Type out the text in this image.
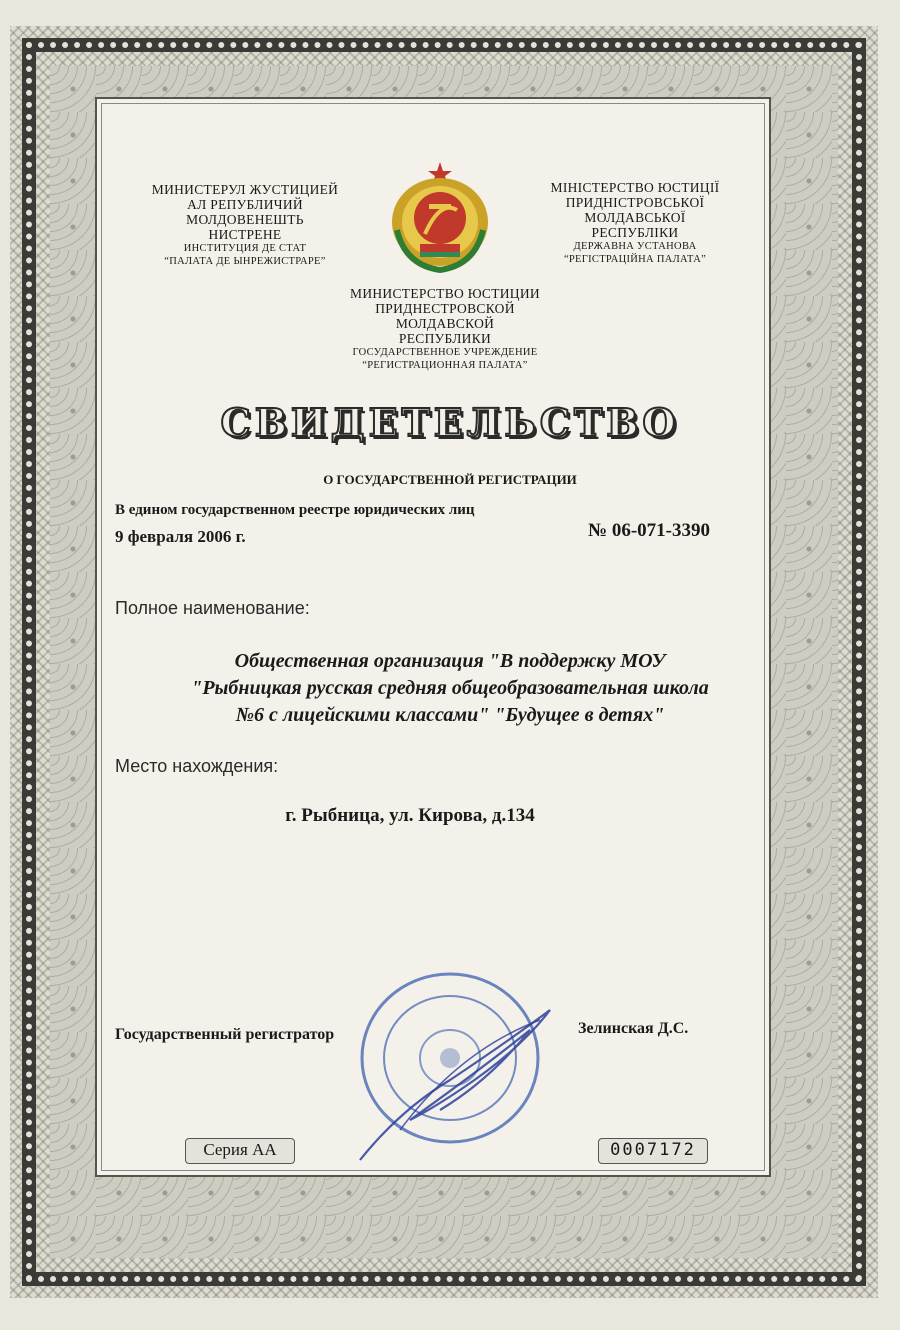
МИНИСТЕРУЛ ЖУСТИЦИЕЙ
АЛ РЕПУБЛИЧИЙ
МОЛДОВЕНЕШТЬ
НИСТРЕНЕ
ИНСТИТУЦИЯ ДЕ СТАТ
“ПАЛАТА ДЕ ЫНРЕЖИСТРАРЕ”
МІНІСТЕРСТВО ЮСТИЦІЇ
ПРИДНІСТРОВСЬКОЇ
МОЛДАВСЬКОЇ
РЕСПУБЛІКИ
ДЕРЖАВНА УСТАНОВА
“РЕГІСТРАЦІЙНА ПАЛАТА”
МИНИСТЕРСТВО ЮСТИЦИИ
ПРИДНЕСТРОВСКОЙ
МОЛДАВСКОЙ
РЕСПУБЛИКИ
ГОСУДАРСТВЕННОЕ УЧРЕЖДЕНИЕ
“РЕГИСТРАЦИОННАЯ ПАЛАТА”
СВИДЕТЕЛЬСТВО
О ГОСУДАРСТВЕННОЙ РЕГИСТРАЦИИ
В едином государственном реестре юридических лиц
9 февраля 2006 г.	№ 06-071-3390
Полное наименование:
Общественная организация "В поддержку МОУ
"Рыбницкая русская средняя общеобразовательная школа
№6 с лицейскими классами" "Будущее в детях"
Место нахождения:
г. Рыбница, ул. Кирова, д.134
Государственный регистратор	Зелинская Д.С.
Серия АА	0007172
